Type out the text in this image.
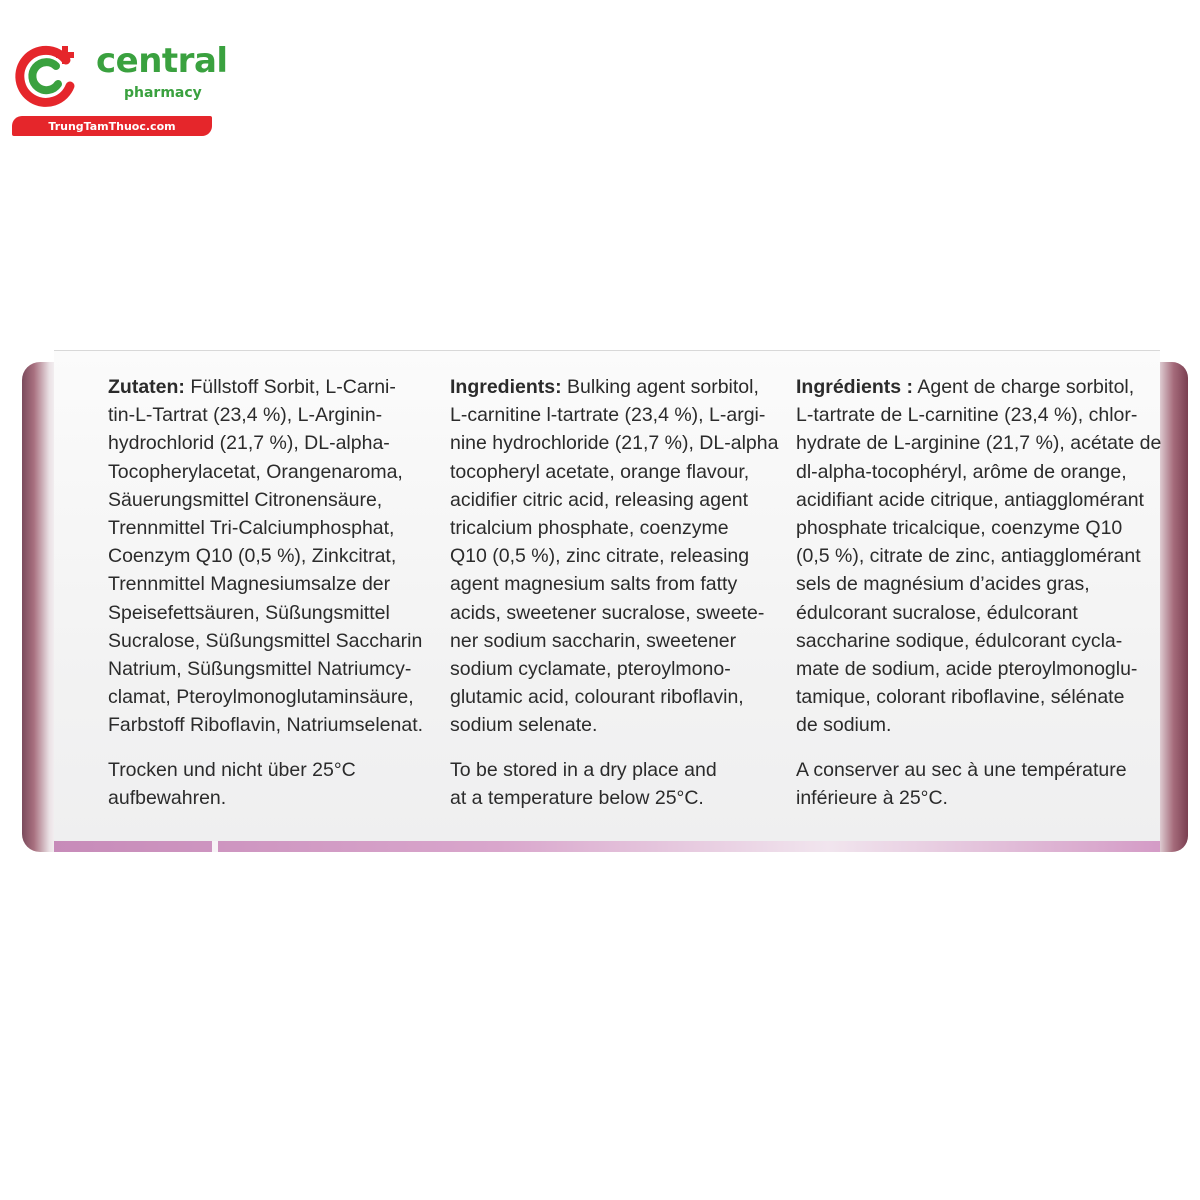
central
pharmacy
TrungTamThuoc.com
Zutaten: Füllstoff Sorbit, L-Carni-
tin-L-Tartrat (23,4 %), L-Arginin-
hydrochlorid (21,7 %), DL-alpha-
Tocopherylacetat, Orangenaroma,
Säuerungsmittel Citronensäure,
Trennmittel Tri-Calciumphosphat,
Coenzym Q10 (0,5 %), Zinkcitrat,
Trennmittel Magnesiumsalze der
Speisefettsäuren, Süßungsmittel
Sucralose, Süßungsmittel Saccharin
Natrium, Süßungsmittel Natriumcy-
clamat, Pteroylmonoglutaminsäure,
Farbstoff Riboflavin, Natriumselenat.
Trocken und nicht über 25°C
aufbewahren.
Ingredients: Bulking agent sorbitol,
L-carnitine l-tartrate (23,4 %), L-argi-
nine hydrochloride (21,7 %), DL-alpha
tocopheryl acetate, orange flavour,
acidifier citric acid, releasing agent
tricalcium phosphate, coenzyme
Q10 (0,5 %), zinc citrate, releasing
agent magnesium salts from fatty
acids, sweetener sucralose, sweete-
ner sodium saccharin, sweetener
sodium cyclamate, pteroylmono-
glutamic acid, colourant riboflavin,
sodium selenate.
To be stored in a dry place and
at a temperature below 25°C.
Ingrédients : Agent de charge sorbitol,
L-tartrate de L-carnitine (23,4 %), chlor-
hydrate de L-arginine (21,7 %), acétate de
dl-alpha-tocophéryl, arôme de orange,
acidifiant acide citrique, antiagglomérant
phosphate tricalcique, coenzyme Q10
(0,5 %), citrate de zinc, antiagglomérant
sels de magnésium d’acides gras,
édulcorant sucralose, édulcorant
saccharine sodique, édulcorant cycla-
mate de sodium, acide pteroylmonoglu-
tamique, colorant riboflavine, sélénate
de sodium.
A conserver au sec à une température
inférieure à 25°C.
